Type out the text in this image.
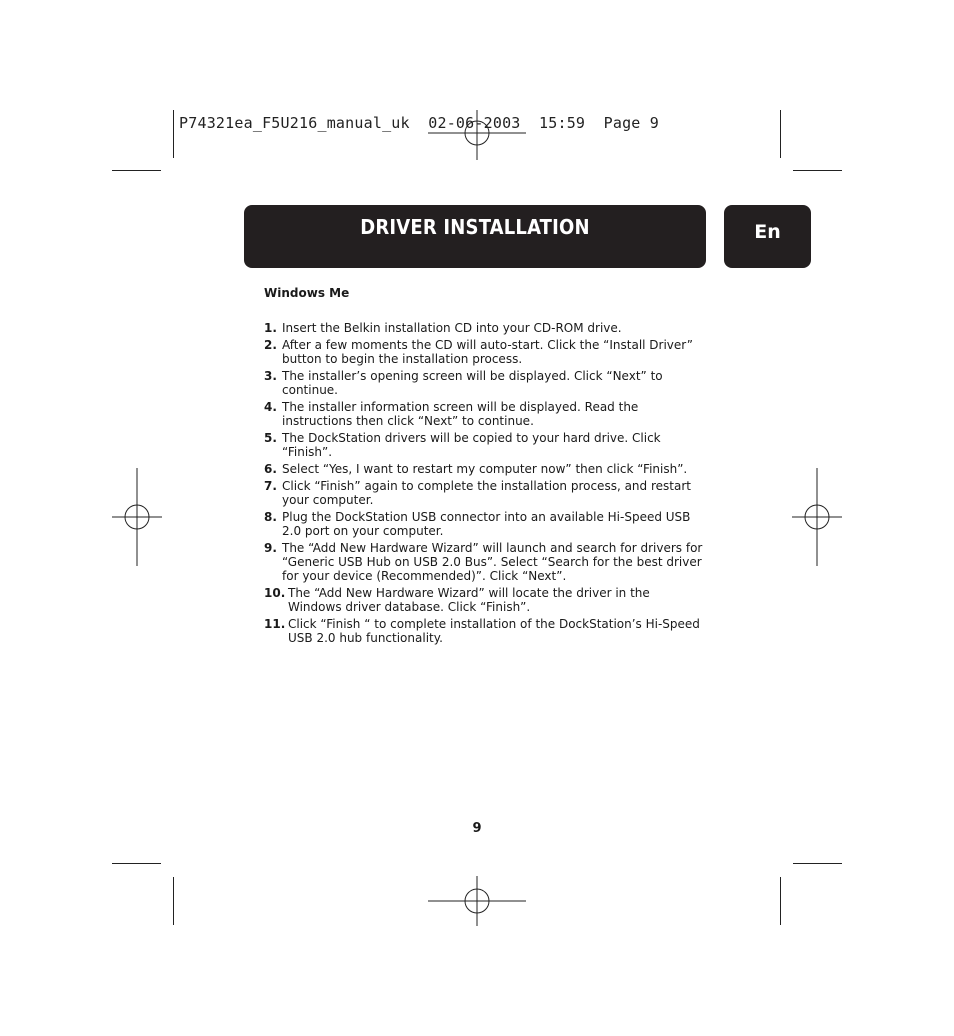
P74321ea_F5U216_manual_uk  02-06-2003  15:59  Page 9
DRIVER INSTALLATION	En
Windows Me
1. Insert the Belkin installation CD into your CD-ROM drive.
2. After a few moments the CD will auto-start. Click the “Install Driver” button to begin the installation process.
3. The installer’s opening screen will be displayed. Click “Next” to continue.
4. The installer information screen will be displayed. Read the instructions then click “Next” to continue.
5. The DockStation drivers will be copied to your hard drive. Click “Finish”.
6. Select “Yes, I want to restart my computer now” then click “Finish”.
7. Click “Finish” again to complete the installation process, and restart your computer.
8. Plug the DockStation USB connector into an available Hi-Speed USB 2.0 port on your computer.
9. The “Add New Hardware Wizard” will launch and search for drivers for “Generic USB Hub on USB 2.0 Bus”. Select “Search for the best driver for your device (Recommended)”. Click “Next”.
10. The “Add New Hardware Wizard” will locate the driver in the Windows driver database. Click “Finish”.
11. Click “Finish “ to complete installation of the DockStation’s Hi-Speed USB 2.0 hub functionality.
9
